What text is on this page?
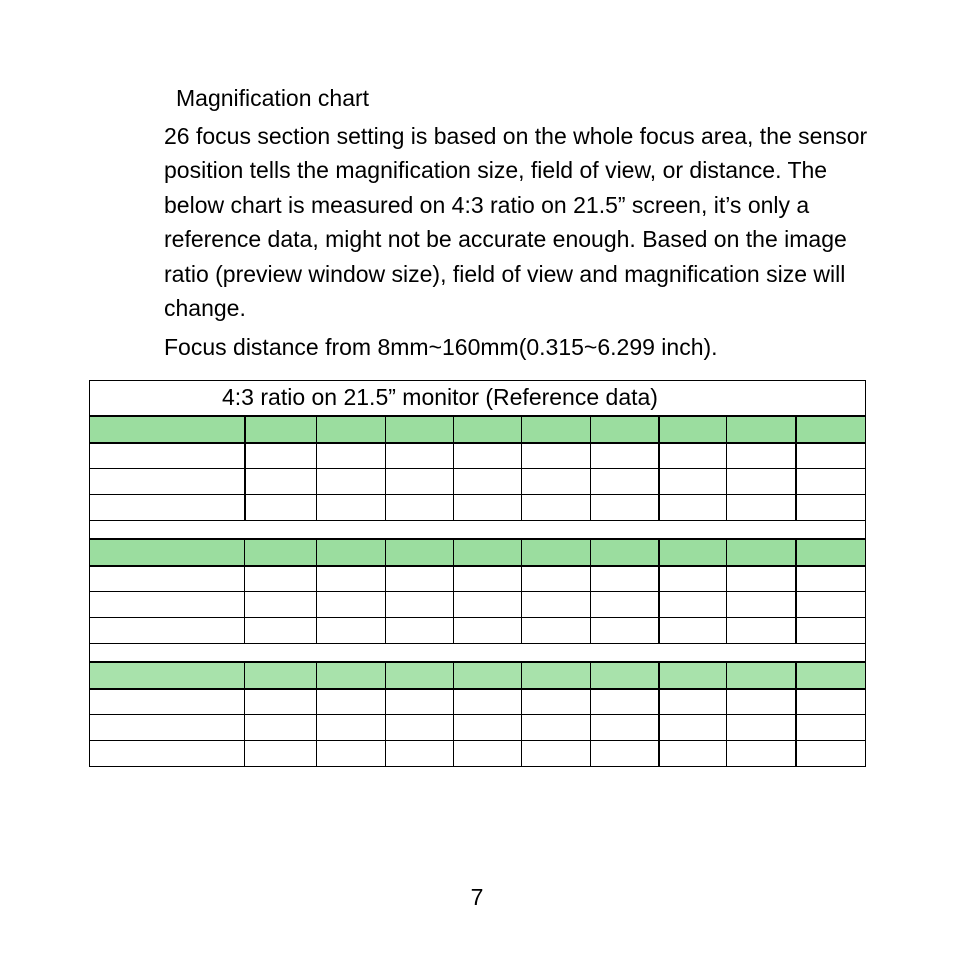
Magnification chart

26 focus section setting is based on the whole focus area, the sensor position tells the magnification size, field of view, or distance. The below chart is measured on 4:3 ratio on 21.5” screen, it’s only a reference data, might not be accurate enough. Based on the image ratio (preview window size), field of view and magnification size will change.

Focus distance from 8mm~160mm(0.315~6.299 inch).
4:3 ratio on 21.5” monitor (Reference data)									

7
